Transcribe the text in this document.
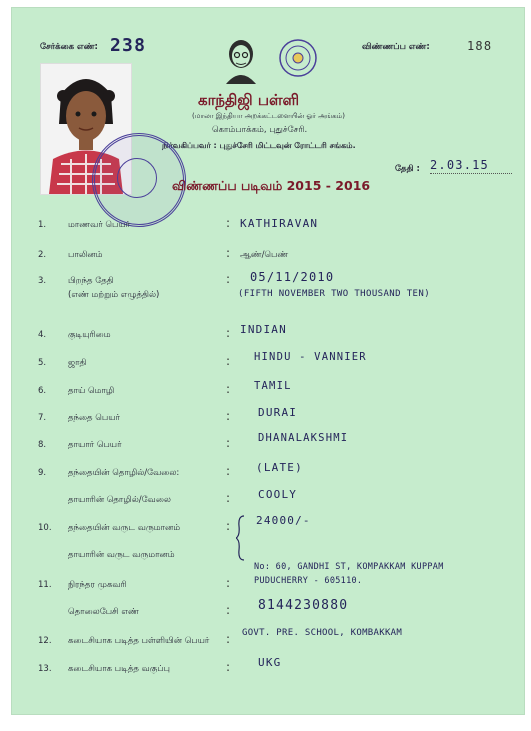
சேர்க்கை எண்: 238	விண்ணப்ப எண்:	188
காந்திஜி பள்ளி
(மாலா இந்தியா அறக்கட்டளையின் ஓர் அங்கம்)
கொம்பாக்கம், புதுச்சேரி.
நிர்வகிப்பவர் : புதுச்சேரி மிட்டவுன் ரோட்டரி சங்கம்.
தேதி : 2.03.15
விண்ணப்ப படிவம் 2015 - 2016
1.	மாணவர் பெயர்	: KATHIRAVAN
2.	பாலினம்	: ஆண்/பெண்
3.	பிறந்த தேதி
(எண் மற்றும் எழுத்தில்)
: 05/11/2010
(FIFTH NOVEMBER TWO THOUSAND TEN)
4.	குடியுரிமை	: INDIAN
5.	ஜாதி	: HINDU - VANNIER
6.	தாய் மொழி	: TAMIL
7.	தந்தை பெயர்	:	DURAI
8.	தாயார் பெயர்	:	DHANALAKSHMI
9.	தந்தையின் தொழில்/வேலை:	: (LATE)
தாயாரின் தொழில்/வேலை	:	COOLY
10. தந்தையின் வருட வருமானம்	: 24000/-
தாயாரின் வருட வருமானம்
11. நிரந்தர முகவரி	:
No: 60, GANDHI ST, KOMPAKKAM KUPPAM
PUDUCHERRY - 605110.
தொலைபேசி எண்	: 8144230880
12. கடைசியாக படித்த பள்ளியின் பெயர் : GOVT. PRE. SCHOOL, KOMBAKKAM
13. கடைசியாக படித்த வகுப்பு	:	UKG
